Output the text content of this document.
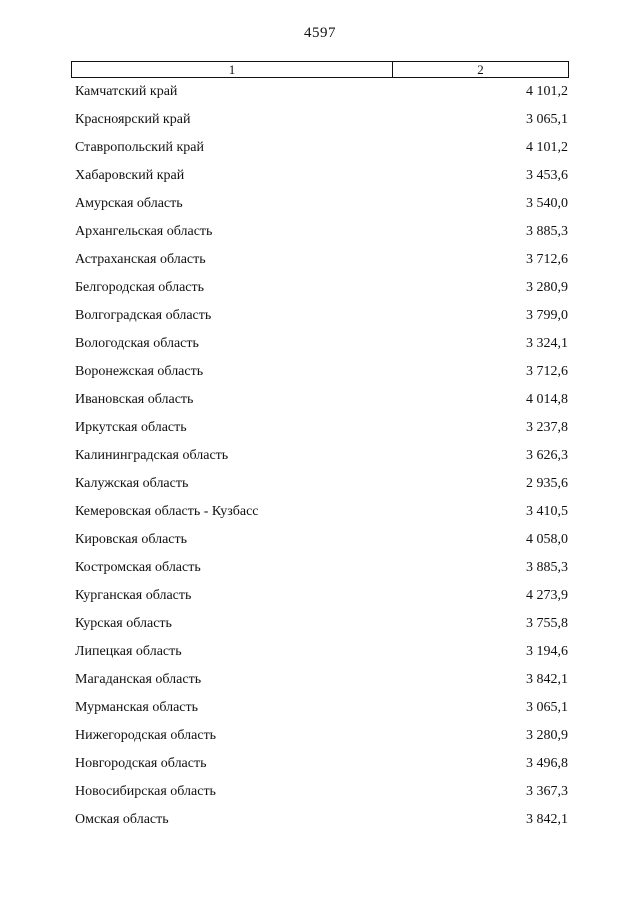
4597
1	2
Камчатский край	4 101,2
Красноярский край	3 065,1
Ставропольский край	4 101,2
Хабаровский край	3 453,6
Амурская область	3 540,0
Архангельская область	3 885,3
Астраханская область	3 712,6
Белгородская область	3 280,9
Волгоградская область	3 799,0
Вологодская область	3 324,1
Воронежская область	3 712,6
Ивановская область	4 014,8
Иркутская область	3 237,8
Калининградская область	3 626,3
Калужская область	2 935,6
Кемеровская область - Кузбасс	3 410,5
Кировская область	4 058,0
Костромская область	3 885,3
Курганская область	4 273,9
Курская область	3 755,8
Липецкая область	3 194,6
Магаданская область	3 842,1
Мурманская область	3 065,1
Нижегородская область	3 280,9
Новгородская область	3 496,8
Новосибирская область	3 367,3
Омская область	3 842,1
